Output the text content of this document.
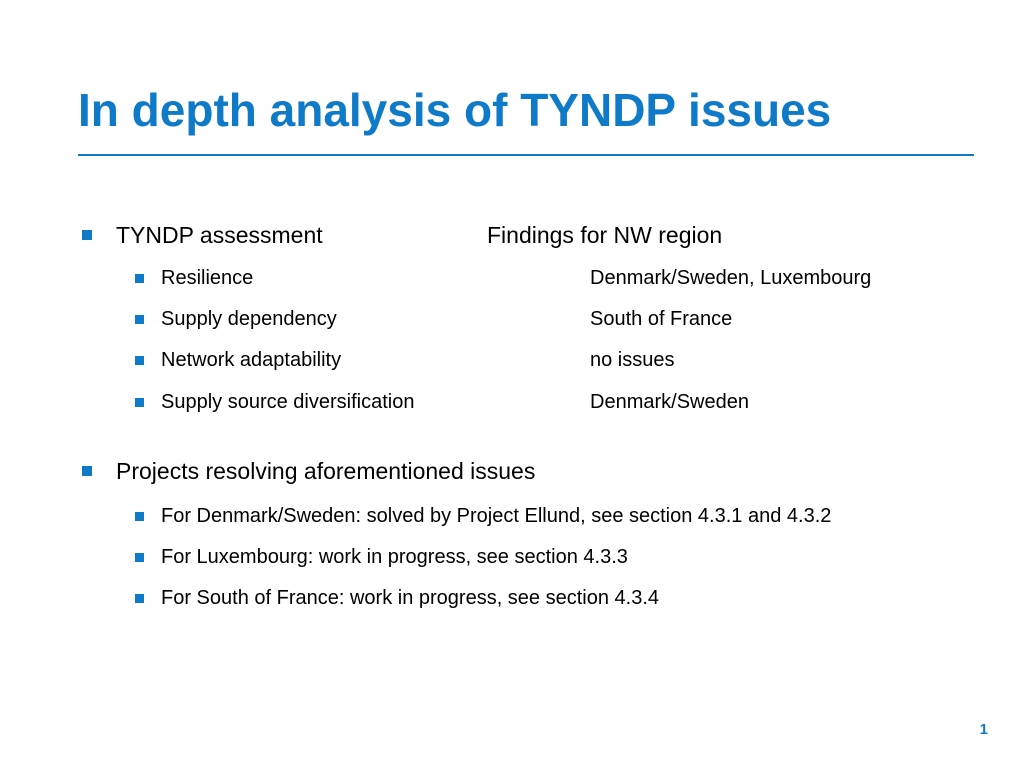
In depth analysis of TYNDP issues
TYNDP assessment	Findings for NW region
Resilience	Denmark/Sweden, Luxembourg
Supply dependency	South of France
Network adaptability	no issues
Supply source diversification	Denmark/Sweden
Projects resolving aforementioned issues
For Denmark/Sweden: solved by Project Ellund, see section 4.3.1 and 4.3.2
For Luxembourg: work in progress, see section 4.3.3
For South of France: work in progress, see section 4.3.4
1
